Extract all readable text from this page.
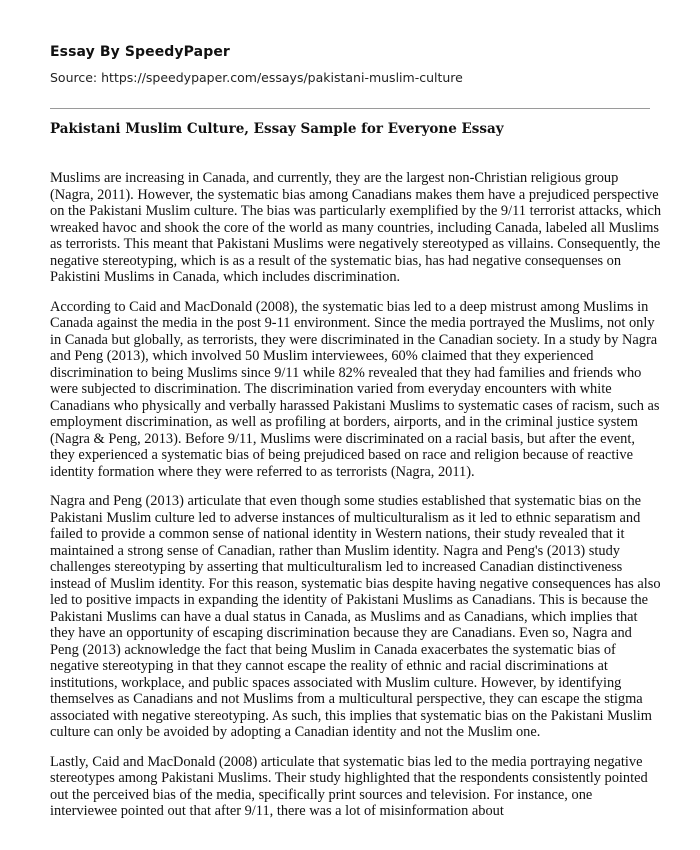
Essay By SpeedyPaper
Source: https://speedypaper.com/essays/pakistani-muslim-culture
Pakistani Muslim Culture, Essay Sample for Everyone Essay

Muslims are increasing in Canada, and currently, they are the largest non-Christian religious group (Nagra, 2011). However, the systematic bias among Canadians makes them have a prejudiced perspective on the Pakistani Muslim culture. The bias was particularly exemplified by the 9/11 terrorist attacks, which wreaked havoc and shook the core of the world as many countries, including Canada, labeled all Muslims as terrorists. This meant that Pakistani Muslims were negatively stereotyped as villains. Consequently, the negative stereotyping, which is as a result of the systematic bias, has had negative consequenses on Pakistini Muslims in Canada, which includes discrimination.

According to Caid and MacDonald (2008), the systematic bias led to a deep mistrust among Muslims in Canada against the media in the post 9-11 environment. Since the media portrayed the Muslims, not only in Canada but globally, as terrorists, they were discriminated in the Canadian society. In a study by Nagra and Peng (2013), which involved 50 Muslim interviewees, 60% claimed that they experienced discrimination to being Muslims since 9/11 while 82% revealed that they had families and friends who were subjected to discrimination. The discrimination varied from everyday encounters with white Canadians who physically and verbally harassed Pakistani Muslims to systematic cases of racism, such as employment discrimination, as well as profiling at borders, airports, and in the criminal justice system (Nagra & Peng, 2013). Before 9/11, Muslims were discriminated on a racial basis, but after the event, they experienced a systematic bias of being prejudiced based on race and religion because of reactive identity formation where they were referred to as terrorists (Nagra, 2011).

Nagra and Peng (2013) articulate that even though some studies established that systematic bias on the Pakistani Muslim culture led to adverse instances of multiculturalism as it led to ethnic separatism and failed to provide a common sense of national identity in Western nations, their study revealed that it maintained a strong sense of Canadian, rather than Muslim identity. Nagra and Peng's (2013) study challenges stereotyping by asserting that multiculturalism led to increased Canadian distinctiveness instead of Muslim identity. For this reason, systematic bias despite having negative consequences has also led to positive impacts in expanding the identity of Pakistani Muslims as Canadians. This is because the Pakistani Muslims can have a dual status in Canada, as Muslims and as Canadians, which implies that they have an opportunity of escaping discrimination because they are Canadians. Even so, Nagra and Peng (2013) acknowledge the fact that being Muslim in Canada exacerbates the systematic bias of negative stereotyping in that they cannot escape the reality of ethnic and racial discriminations at institutions, workplace, and public spaces associated with Muslim culture. However, by identifying themselves as Canadians and not Muslims from a multicultural perspective, they can escape the stigma associated with negative stereotyping. As such, this implies that systematic bias on the Pakistani Muslim culture can only be avoided by adopting a Canadian identity and not the Muslim one.

Lastly, Caid and MacDonald (2008) articulate that systematic bias led to the media portraying negative stereotypes among Pakistani Muslims. Their study highlighted that the respondents consistently pointed out the perceived bias of the media, specifically print sources and television. For instance, one interviewee pointed out that after 9/11, there was a lot of misinformation about
